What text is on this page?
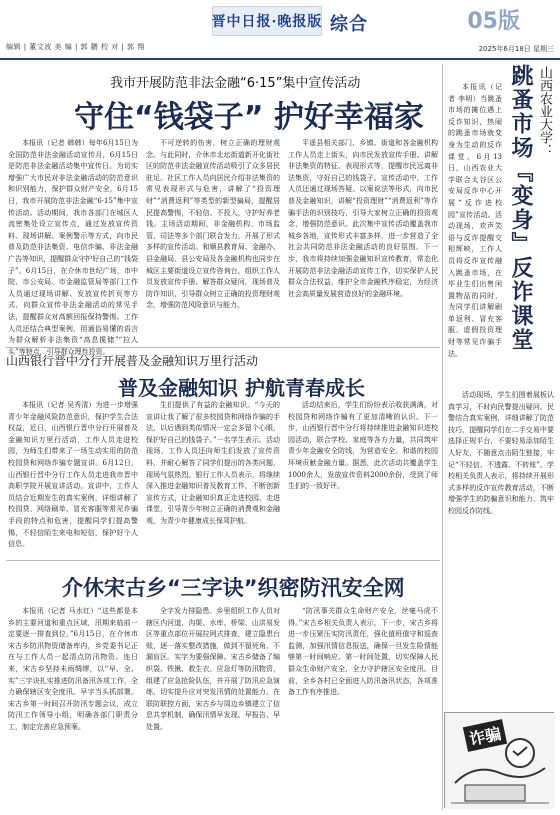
编辑 | 董文波 美 编 | 郭 鹏 校 对 | 郭 翔
晋中日报·晚报版 综合	05版
2025年6月18日 星期三
我市开展防范非法金融“6·15”集中宣传活动
守住“钱袋子” 护好幸福家

本报讯（记者 韩韩）每年6月15日为全国防范非法金融活动宣传月，6月15日是防范非法金融活动集中宣传日。为切实增强广大市民对非法金融活动的防范意识和识别能力，保护群众财产安全，6月15日，我市开展防范非法金融“6·15”集中宣传活动。活动期间，我市各部门在城区人流密集处设立宣传点，通过发放宣传资料、现场讲解、案例警示等方式，向市民普及防范非法集资、电信诈骗、非法金融广告等知识，提醒群众守护好自己的“钱袋子”。6月15日，在介休市世纪广场，市中院、市公安局、市金融监管局等部门工作人员通过现场讲解、发放宣传折页等方式，向群众宣传非法金融活动的常见手法，提醒群众对高额回报保持警惕。工作人员还结合典型案例，用通俗易懂的语言为群众解析非法集资“高息揽储”“拉人头”等特点，引导群众理性投资。

不可逆转的伤害，树立正确的理财观念。与此同时，介休市北坛街道新开化街社区的防范非法金融宣传活动吸引了众多居民驻足。社区工作人员向居民介绍非法集资的常见表现形式与危害，讲解了“投资理财”“消费返利”等类型的新型骗局，提醒居民提高警惕，不轻信、不投入，守护好养老钱。主场活动期间，非金融机构、市场监管、司法等多个部门联合发力，开展了形式多样的宣传活动。和顺县教育局、金融办、县金融局、县公安局及各金融机构也同步在城区主要街道设立宣传咨询台，组织工作人员发放宣传手册、解答群众疑问，现场普及防诈知识，引导群众树立正确的投资理财观念，增强防范风险意识与能力。

平遥县相关部门、乡镇、街道和各金融机构工作人员走上街头，向市民发放宣传手册、讲解非法集资的特征、表现形式等，提醒市民远离非法集资，守好自己的钱袋子。宣传活动中，工作人员还通过现场答疑、以案说法等形式，向市民普及金融知识，讲解“投资理财”“消费返利”等诈骗手法的识别技巧，引导大家树立正确的投资观念，增强防范意识。此次集中宣传活动覆盖我市城乡各地，宣传形式丰富多样，进一步营造了全社会共同防范非法金融活动的良好氛围。下一步，我市将持续加强金融知识宣传教育，常态化开展防范非法金融活动宣传工作，切实保护人民群众合法权益，维护全市金融秩序稳定，为经济社会高质量发展营造良好的金融环境。

山西银行晋中分行开展普及金融知识万里行活动
普及金融知识 护航青春成长

本报讯（记者 吴秀清）为进一步增强青少年金融风险防范意识，保护学生合法权益，近日，山西银行晋中分行开展普及金融知识万里行活动，工作人员走进校园，为师生们带来了一场生动实用的防范校园贷和网络诈骗专题宣讲。6月12日，山西银行晋中分行工作人员走进我市晋中高职学院开展宣讲活动。宣讲中，工作人员结合近期发生的真实案例，详细讲解了校园贷、网络刷单、冒充客服等常见诈骗手段的特点和危害，提醒同学们提高警惕，不轻信陌生来电和短信，保护好个人信息。

生们提供了有益的金融知识。“今天的宣讲让我了解了很多校园贷和网络诈骗的手法，以后遇到类似情况一定会多留个心眼，保护好自己的钱袋子。”一名学生表示。活动现场，工作人员还向师生们发放了宣传资料，并耐心解答了同学们提出的各类问题，现场气氛热烈。银行工作人员表示，将继续深入推进金融知识普及教育工作，不断创新宣传方式，让金融知识真正走进校园、走进课堂，引导青少年树立正确的消费观和金融观，为青少年健康成长保驾护航。

活动结束后，学生们纷纷表示收获满满，对校园贷和网络诈骗有了更加清晰的认识。下一步，山西银行晋中分行将持续推进金融知识进校园活动，联合学校、家庭等各方力量，共同筑牢青少年金融安全防线，为营造安全、和谐的校园环境贡献金融力量。据悉，此次活动共覆盖学生1000余人，发放宣传资料2000余份，受到了师生们的一致好评。

介休宋古乡“三字诀”织密防汛安全网

本报讯（记者 马水红）“这些都是本乡的主要河道和重点区域，汛期来临前一定要逐一排查到位。”6月15日，在介休市宋古乡防汛物资储备库内，乡党委书记正在与工作人员一起清点防汛物资。连日来，宋古乡坚持未雨绸缪，以“早、全、实”三字诀扎实推进防汛备汛各项工作，全力确保辖区安全度汛。早字当头抓部署。宋古乡第一时间召开防汛专题会议，成立防汛工作领导小组，明确各部门职责分工，制定完善应急预案。

全字发力排隐患。乡里组织工作人员对辖区内河道、沟渠、水库、桥梁、山洪易发区等重点部位开展拉网式排查，建立隐患台账，逐一落实整改措施，做到不留死角、不漏盲区。实字为要强保障。宋古乡储备了编织袋、铁锹、救生衣、应急灯等防汛物资，组建了应急抢险队伍，并开展了防汛应急演练，切实提升应对突发汛情的处置能力。在联防联控方面，宋古乡与周边乡镇建立了信息共享机制，确保汛情早发现、早报告、早处置。

“防汛事关群众生命财产安全，丝毫马虎不得。”宋古乡相关负责人表示，下一步，宋古乡将进一步压紧压实防汛责任，强化值班值守和巡查监测，加强汛情信息报送，确保一旦发生险情能够第一时间响应、第一时间处置，切实保障人民群众生命财产安全，全力守护辖区安全度汛。目前，全乡各村已全面进入防汛备汛状态，各项准备工作有序推进。

山西农业大学：
跳蚤市场『变身』反诈课堂

本报讯（记者 李明）当跳蚤市场的摊位遇上反诈知识，热闹的跳蚤市场就变身为生动的反诈课堂。6月13日，山西农业大学联合太谷区公安局反诈中心开展“反诈进校园”宣传活动。活动现场，欢声笑语与反诈提醒交相辉映，工作人员将反诈宣传融入跳蚤市场，在毕业生们出售闲置物品的同时，为同学们讲解刷单返利、冒充客服、虚假投资理财等常见诈骗手法。

活动现场，学生们围着展板认真学习，不时向民警提出疑问。民警结合真实案例，详细讲解了防范技巧，提醒同学们在二手交易中要选择正规平台，不要轻易添加陌生人好友，不随意点击陌生链接，牢记“不轻信、不透露、不转账”。学校相关负责人表示，将持续开展形式多样的反诈宣传教育活动，不断增强学生的防骗意识和能力，筑牢校园反诈防线。

诈骗
